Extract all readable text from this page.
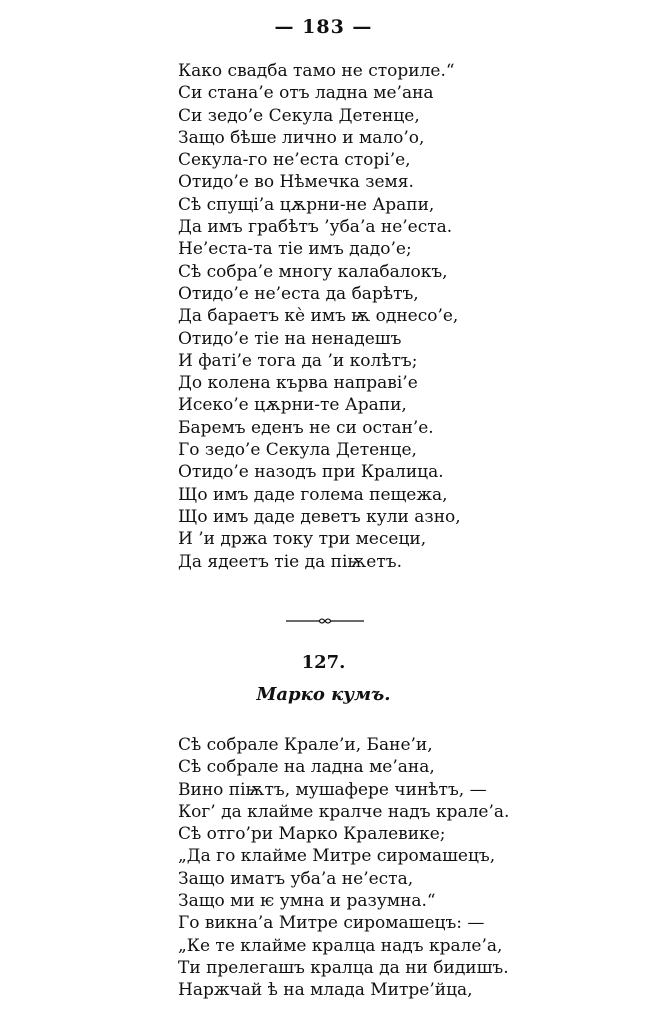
— 183 —
Како свадба тамо не сториле.“
Си стана’е отъ ладна ме’ана
Си зедо’е Секула Детенце,
Защо бѣше лично и мало’о,
Секула-го не’еста сторі’е,
Отидо’е во Нѣмечка земя.
Сѣ спущі’а цѫрни-не Арапи,
Да имъ грабѣтъ ’уба’а не’еста.
Не’еста-та тіе имъ дадо’е;
Сѣ собра’е многу калабалокъ,
Отидо’е не’еста да барѣтъ,
Да бараетъ кѐ имъ ѭ однесо’е,
Отидо’е тіе на ненадешъ
И фаті’е тога да ’и колѣтъ;
До колена кървa направі’е
Исеко’е цѫрни-те Арапи,
Баремъ еденъ не си остан’е.
Го зедо’е Секула Детенце,
Отидо’е назодъ при Кралица.
Що имъ даде голема пещежа,
Що имъ даде деветъ кули азно,
И ’и држа току три месеци,
Да ядеетъ тіе да пiѭетъ.
127.
Марко кумъ.
Сѣ собрале Крале’и, Бане’и,
Сѣ собрале на ладна ме’ана,
Вино пiѭтъ, мушафере чинѣтъ, —
Ког’ да клайме кралче надъ крале’а.
Сѣ отго’ри Марко Кралевике;
„Да го клайме Митре сиромашецъ,
Защо иматъ уба’а не’еста,
Защо ми ѥ умна и разумна.“
Го викна’а Митре сиромашецъ: —
„Ке те клайме кралца надъ крале’а,
Ти прелегашъ кралца да ни бидишъ.
Наржчай ѣ на млада Митре’йца,
